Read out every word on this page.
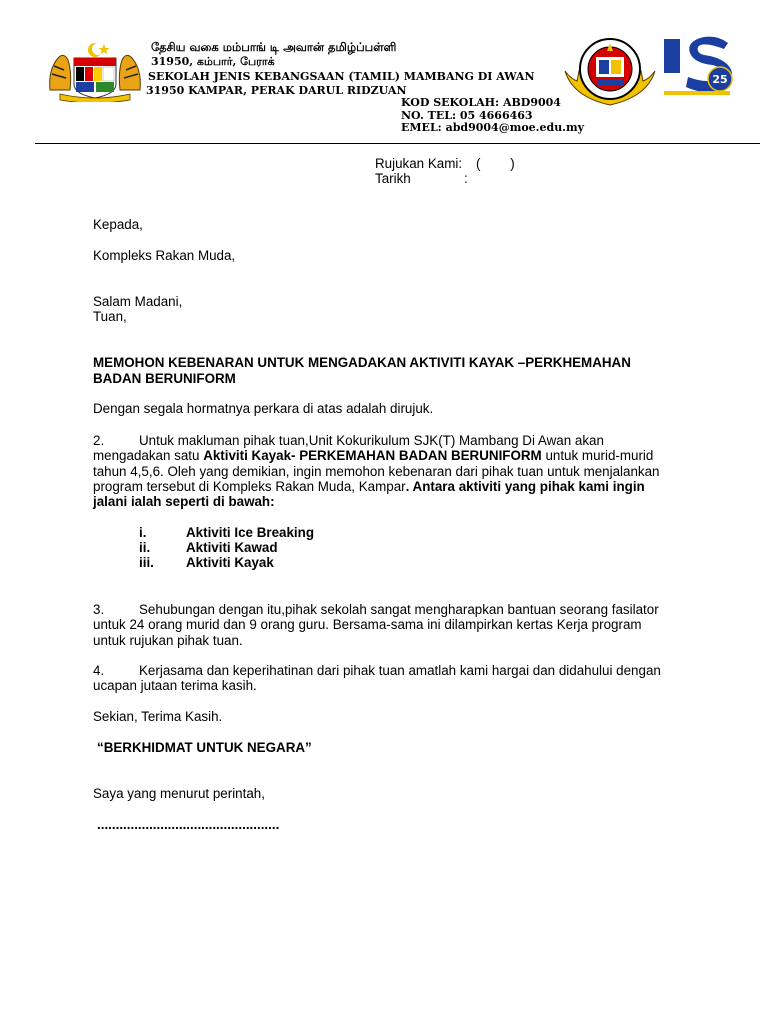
தேசிய வகை மம்பாங் டி அவான் தமிழ்ப்பள்ளி
31950, கம்பார், பேராக்
SEKOLAH JENIS KEBANGSAAN (TAMIL) MAMBANG DI AWAN
31950 KAMPAR, PERAK DARUL RIDZUAN
KOD SEKOLAH: ABD9004
NO. TEL: 05 4666463
EMEL: abd9004@moe.edu.my
25
Rujukan Kami: (        )
Tarikh	:
Kepada,
Kompleks Rakan Muda,
Salam Madani,
Tuan,
MEMOHON KEBENARAN UNTUK MENGADAKAN AKTIVITI KAYAK –PERKHEMAHAN
BADAN BERUNIFORM
Dengan segala hormatnya perkara di atas adalah dirujuk.
2.	Untuk makluman pihak tuan,Unit Kokurikulum SJK(T) Mambang Di Awan akan
mengadakan satu Aktiviti Kayak- PERKEMAHAN BADAN BERUNIFORM untuk murid-murid
tahun 4,5,6. Oleh yang demikian, ingin memohon kebenaran dari pihak tuan untuk menjalankan
program tersebut di Kompleks Rakan Muda, Kampar. Antara aktiviti yang pihak kami ingin
jalani ialah seperti di bawah:
i.	Aktiviti Ice Breaking
ii.	Aktiviti Kawad
iii. Aktiviti Kayak
3.	Sehubungan dengan itu,pihak sekolah sangat mengharapkan bantuan seorang fasilator
untuk 24 orang murid dan 9 orang guru. Bersama-sama ini dilampirkan kertas Kerja program
untuk rujukan pihak tuan.
4.	Kerjasama dan keperihatinan dari pihak tuan amatlah kami hargai dan didahului dengan
ucapan jutaan terima kasih.
Sekian, Terima Kasih.
“BERKHIDMAT UNTUK NEGARA”
Saya yang menurut perintah,
.................................................
